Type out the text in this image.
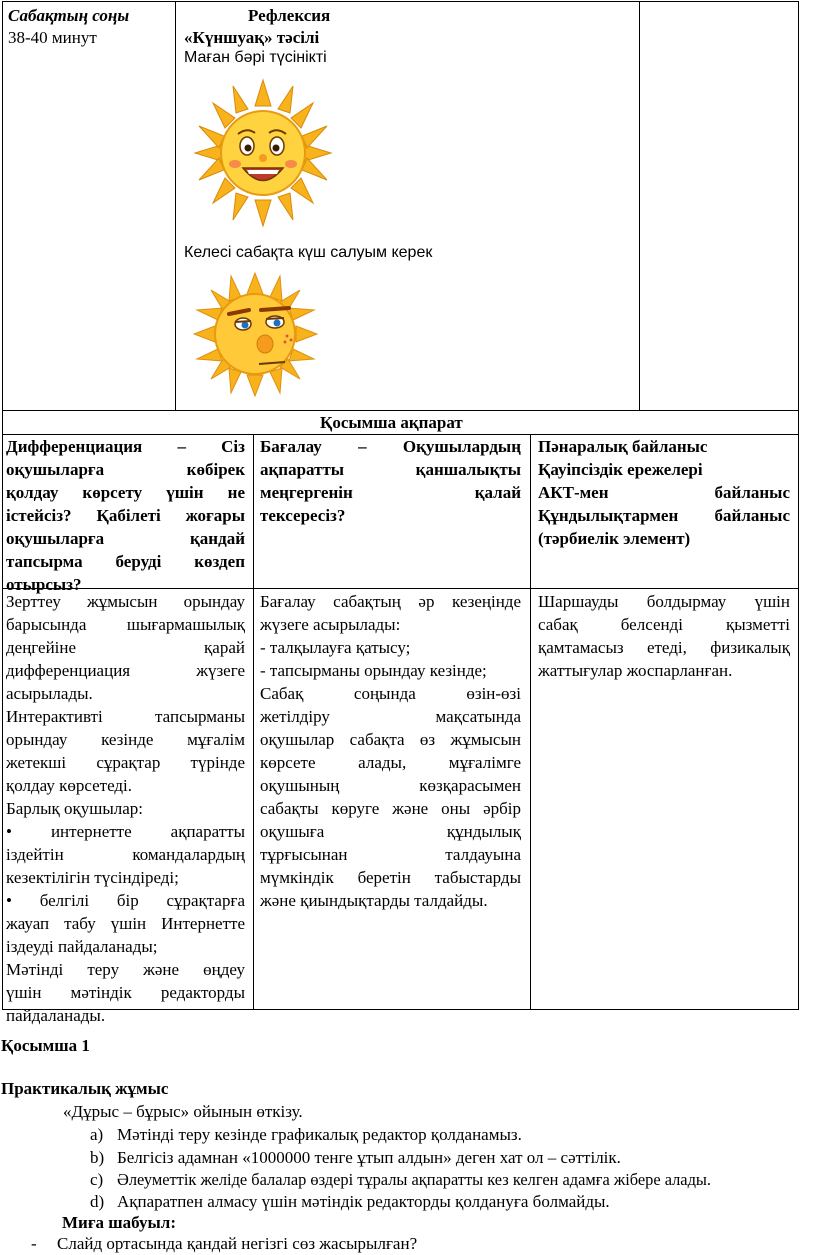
Сабақтың соңы
38-40 минут
Рефлексия
«Күншуақ» тәсілі
Маған бәрі түсінікті
Келесі сабақта күш салуым керек
Қосымша ақпарат
Дифференциация – Сіз
оқушыларға көбірек
қолдау көрсету үшін не
істейсіз? Қабілеті жоғары
оқушыларға қандай
тапсырма беруді көздеп
отырсыз?
Бағалау – Оқушылардың
ақпаратты қаншалықты
меңгергенін қалай
тексересіз?
Пәнаралық байланыс
Қауіпсіздік ережелері
АКТ-мен байланыс
Құндылықтармен байланыс
(тәрбиелік элемент)
Зерттеу жұмысын орындау
барысында шығармашылық
деңгейіне қарай
дифференциация жүзеге
асырылады.
Интерактивті тапсырманы
орындау кезінде мұғалім
жетекші сұрақтар түрінде
қолдау көрсетеді.
Барлық оқушылар:
• интернетте ақпаратты
іздейтін командалардың
кезектілігін түсіндіреді;
• белгілі бір сұрақтарға
жауап табу үшін Интернетте
іздеуді пайдаланады;
Мәтінді теру және өңдеу
үшін мәтіндік редакторды
пайдаланады.
Бағалау сабақтың әр кезеңінде
жүзеге асырылады:
- талқылауға қатысу;
- тапсырманы орындау кезінде;
Сабақ соңында өзін-өзі
жетілдіру мақсатында
оқушылар сабақта өз жұмысын
көрсете алады, мұғалімге
оқушының көзқарасымен
сабақты көруге және оны әрбір
оқушыға құндылық
тұрғысынан талдауына
мүмкіндік беретін табыстарды
және қиындықтарды талдайды.
Шаршауды болдырмау үшін
сабақ белсенді қызметті
қамтамасыз етеді, физикалық
жаттығулар жоспарланған.
Қосымша 1
Практикалық жұмыс
«Дұрыс – бұрыс» ойынын өткізу.
a) Мәтінді теру кезінде графикалық редактор қолданамыз.
b) Белгісіз адамнан «1000000 тенге ұтып алдын» деген хат ол – сәттілік.
c) Әлеуметтік желіде балалар өздері тұралы ақпаратты кез келген адамға жібере алады.
d) Ақпаратпен алмасу үшін мәтіндік редакторды қолдануға болмайды.
Миға шабуыл:
- Слайд ортасында қандай негізгі сөз жасырылған?
